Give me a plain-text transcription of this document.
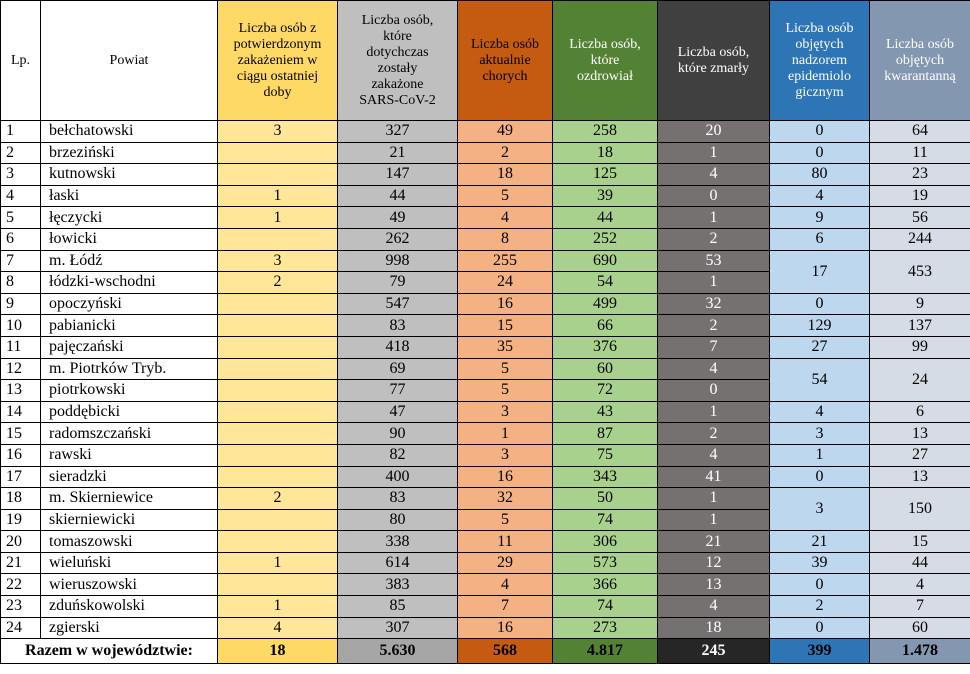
Lp.	Powiat	Liczba osób z potwierdzonym zakażeniem w ciągu ostatniej doby	Liczba osób, które dotychczas zostały zakażone SARS-CoV-2	Liczba osób aktualnie chorych	Liczba osób, które ozdrowiał	Liczba osób, które zmarły	Liczba osób objętych nadzorem epidemiolo gicznym	Liczba osób objętych kwarantanną

1	bełchatowski	3	327	49	258	20	0	64
2	brzeziński		21	2	18	1	0	11
3	kutnowski		147	18	125	4	80	23
4	łaski	1	44	5	39	0	4	19
5	łęczycki	1	49	4	44	1	9	56
6	łowicki		262	8	252	2	6	244
7	m. Łódź	3	998	255	690	53	17	453
8	łódzki-wschodni	2	79	24	54	1		
9	opoczyński		547	16	499	32	0	9
10	pabianicki		83	15	66	2	129	137
11	pajęczański		418	35	376	7	27	99
12	m. Piotrków Tryb.		69	5	60	4	54	24
13	piotrkowski		77	5	72	0		
14	poddębicki		47	3	43	1	4	6
15	radomszczański		90	1	87	2	3	13
16	rawski		82	3	75	4	1	27
17	sieradzki		400	16	343	41	0	13
18	m. Skierniewice	2	83	32	50	1	3	150
19	skierniewicki		80	5	74	1		
20	tomaszowski		338	11	306	21	21	15
21	wieluński	1	614	29	573	12	39	44
22	wieruszowski		383	4	366	13	0	4
23	zduńskowolski	1	85	7	74	4	2	7
24	zgierski	4	307	16	273	18	0	60
Razem w województwie:		18	5.630	568	4.817	245	399	1.478
